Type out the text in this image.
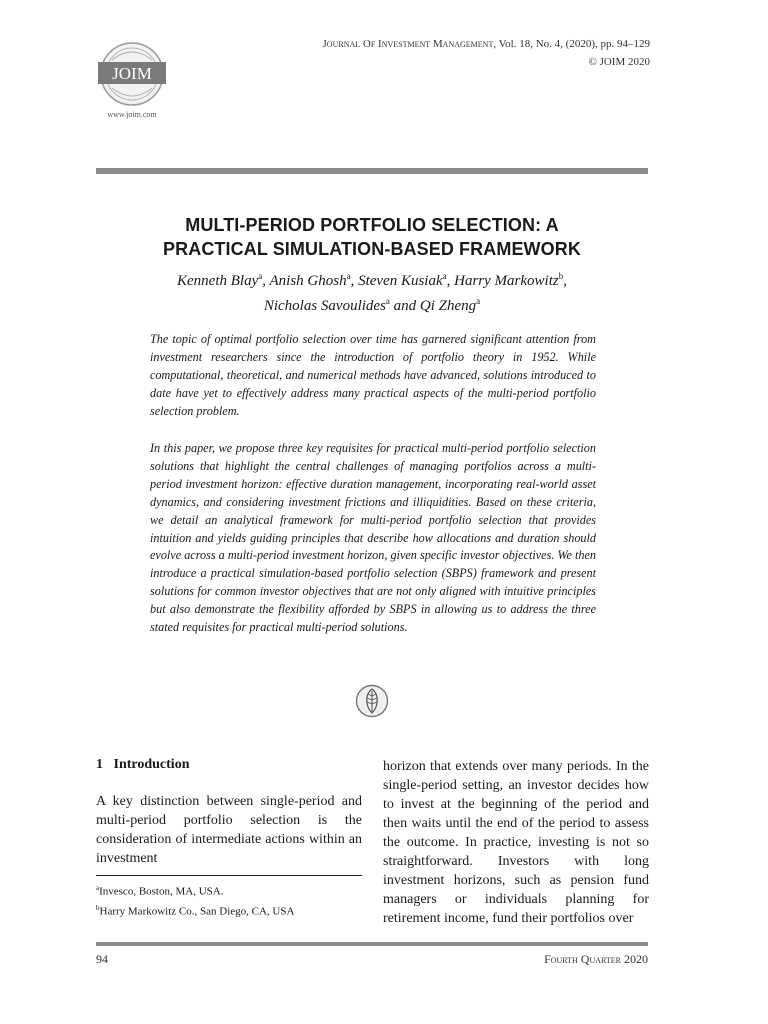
JOIM
www.joim.com
Journal Of Investment Management, Vol. 18, No. 4, (2020), pp. 94–129
© JOIM 2020
MULTI-PERIOD PORTFOLIO SELECTION: A
PRACTICAL SIMULATION-BASED FRAMEWORK
Kenneth Blay$^a$, Anish Ghosh$^a$, Steven Kusiak$^a$, Harry Markowitz$^b$,
Nicholas Savoulides$^a$ and Qi Zheng$^a$
The topic of optimal portfolio selection over time has garnered significant attention from investment researchers since the introduction of portfolio theory in 1952. While computational, theoretical, and numerical methods have advanced, solutions introduced to date have yet to effectively address many practical aspects of the multi-period portfolio selection problem.
In this paper, we propose three key requisites for practical multi-period portfolio selection solutions that highlight the central challenges of managing portfolios across a multi-period investment horizon: effective duration management, incorporating real-world asset dynamics, and considering investment frictions and illiquidities. Based on these criteria, we detail an analytical framework for multi-period portfolio selection that provides intuition and yields guiding principles that describe how allocations and duration should evolve across a multi-period investment horizon, given specific investor objectives. We then introduce a practical simulation-based portfolio selection (SBPS) framework and present solutions for common investor objectives that are not only aligned with intuitive principles but also demonstrate the flexibility afforded by SBPS in allowing us to address the three stated requisites for practical multi-period solutions.
1 Introduction
A key distinction between single-period and multi-period portfolio selection is the consideration of intermediate actions within an investment
$^a$Invesco, Boston, MA, USA.
$^b$Harry Markowitz Co., San Diego, CA, USA
horizon that extends over many periods. In the single-period setting, an investor decides how to invest at the beginning of the period and then waits until the end of the period to assess the outcome. In practice, investing is not so straightforward. Investors with long investment horizons, such as pension fund managers or individuals planning for retirement income, fund their portfolios over
94	Fourth Quarter 2020
